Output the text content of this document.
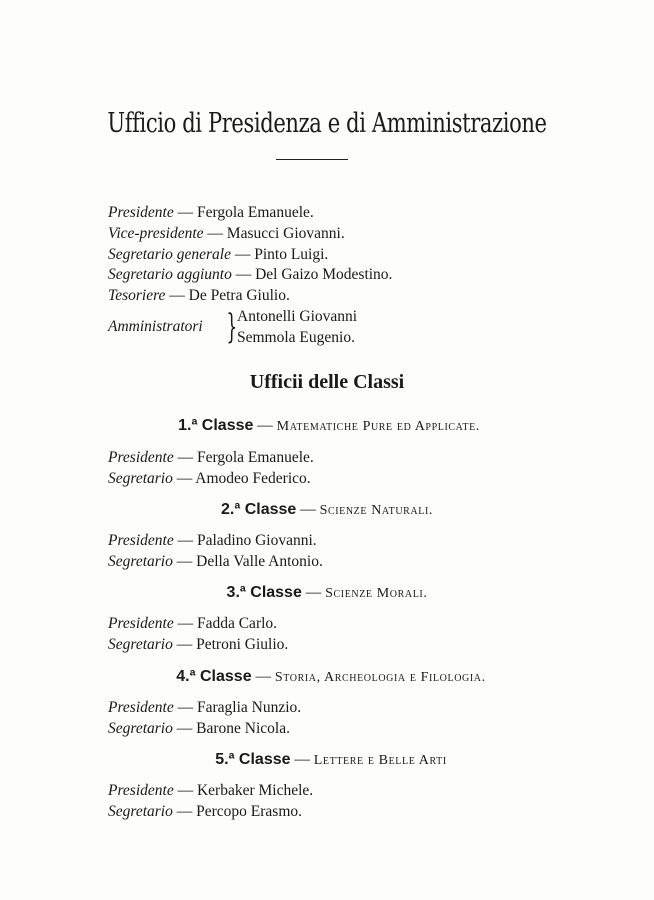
Ufficio di Presidenza e di Amministrazione
Presidente — Fergola Emanuele.
Vice-presidente — Masucci Giovanni.
Segretario generale — Pinto Luigi.
Segretario aggiunto — Del Gaizo Modestino.
Tesoriere — De Petra Giulio.
Amministratori } Antonelli Giovanni
Semmola Eugenio.
Ufficii delle Classi
1.ª Classe — Matematiche Pure ed Applicate.
Presidente — Fergola Emanuele.
Segretario — Amodeo Federico.
2.ª Classe — Scienze Naturali.
Presidente — Paladino Giovanni.
Segretario — Della Valle Antonio.
3.ª Classe — Scienze Morali.
Presidente — Fadda Carlo.
Segretario — Petroni Giulio.
4.ª Classe — Storia, Archeologia e Filologia.
Presidente — Faraglia Nunzio.
Segretario — Barone Nicola.
5.ª Classe — Lettere e Belle Arti
Presidente — Kerbaker Michele.
Segretario — Percopo Erasmo.
